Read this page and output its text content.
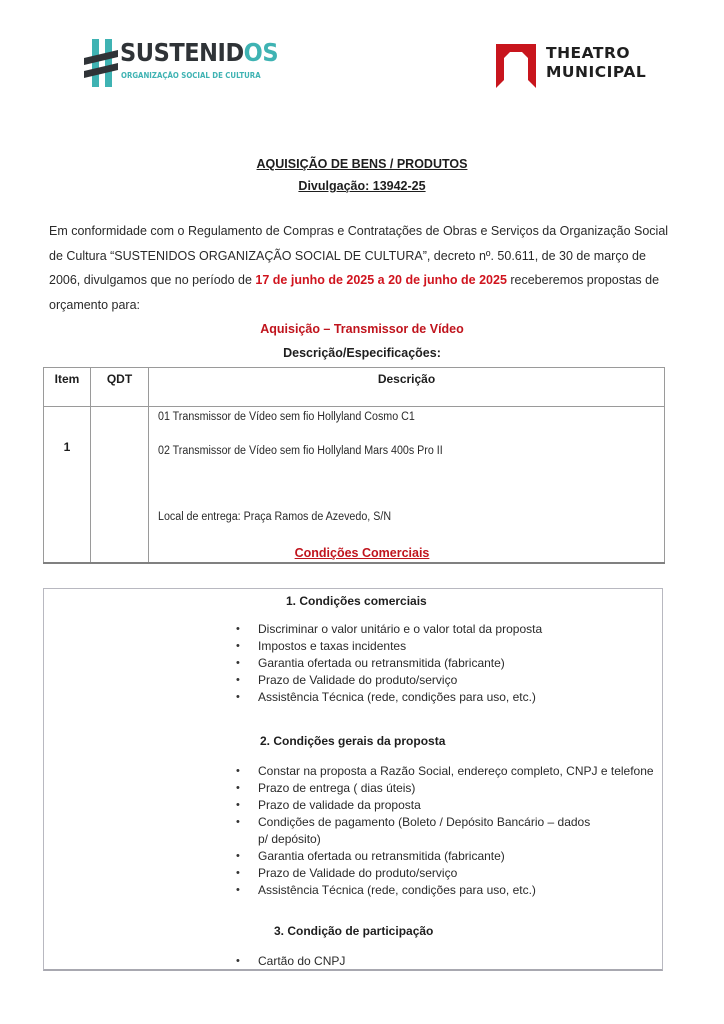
SUSTENIDOS
ORGANIZAÇÃO SOCIAL DE CULTURA
THEATRO
MUNICIPAL
AQUISIÇÃO DE BENS / PRODUTOS
Divulgação: 13942-25
Em conformidade com o Regulamento de Compras e Contratações de Obras e Serviços da Organização Social de Cultura “SUSTENIDOS ORGANIZAÇÃO SOCIAL DE CULTURA”, decreto nº. 50.611, de 30 de março de 2006, divulgamos que no período de 17 de junho de 2025 a 20 de junho de 2025 receberemos propostas de orçamento para:
Aquisição – Transmissor de Vídeo
Descrição/Especificações:
Item	QDT	Descrição
1		01 Transmissor de Vídeo sem fio Hollyland Cosmo C1
02 Transmissor de Vídeo sem fio Hollyland Mars 400s Pro II
Local de entrega: Praça Ramos de Azevedo, S/N
Condições Comerciais
1. Condições comerciais
• Discriminar o valor unitário e o valor total da proposta
• Impostos e taxas incidentes
• Garantia ofertada ou retransmitida (fabricante)
• Prazo de Validade do produto/serviço
• Assistência Técnica (rede, condições para uso, etc.)
2. Condições gerais da proposta
• Constar na proposta a Razão Social, endereço completo, CNPJ e telefone
• Prazo de entrega ( dias úteis)
• Prazo de validade da proposta
• Condições de pagamento (Boleto / Depósito Bancário – dados p/ depósito)
• Garantia ofertada ou retransmitida (fabricante)
• Prazo de Validade do produto/serviço
• Assistência Técnica (rede, condições para uso, etc.)
3. Condição de participação
• Cartão do CNPJ
